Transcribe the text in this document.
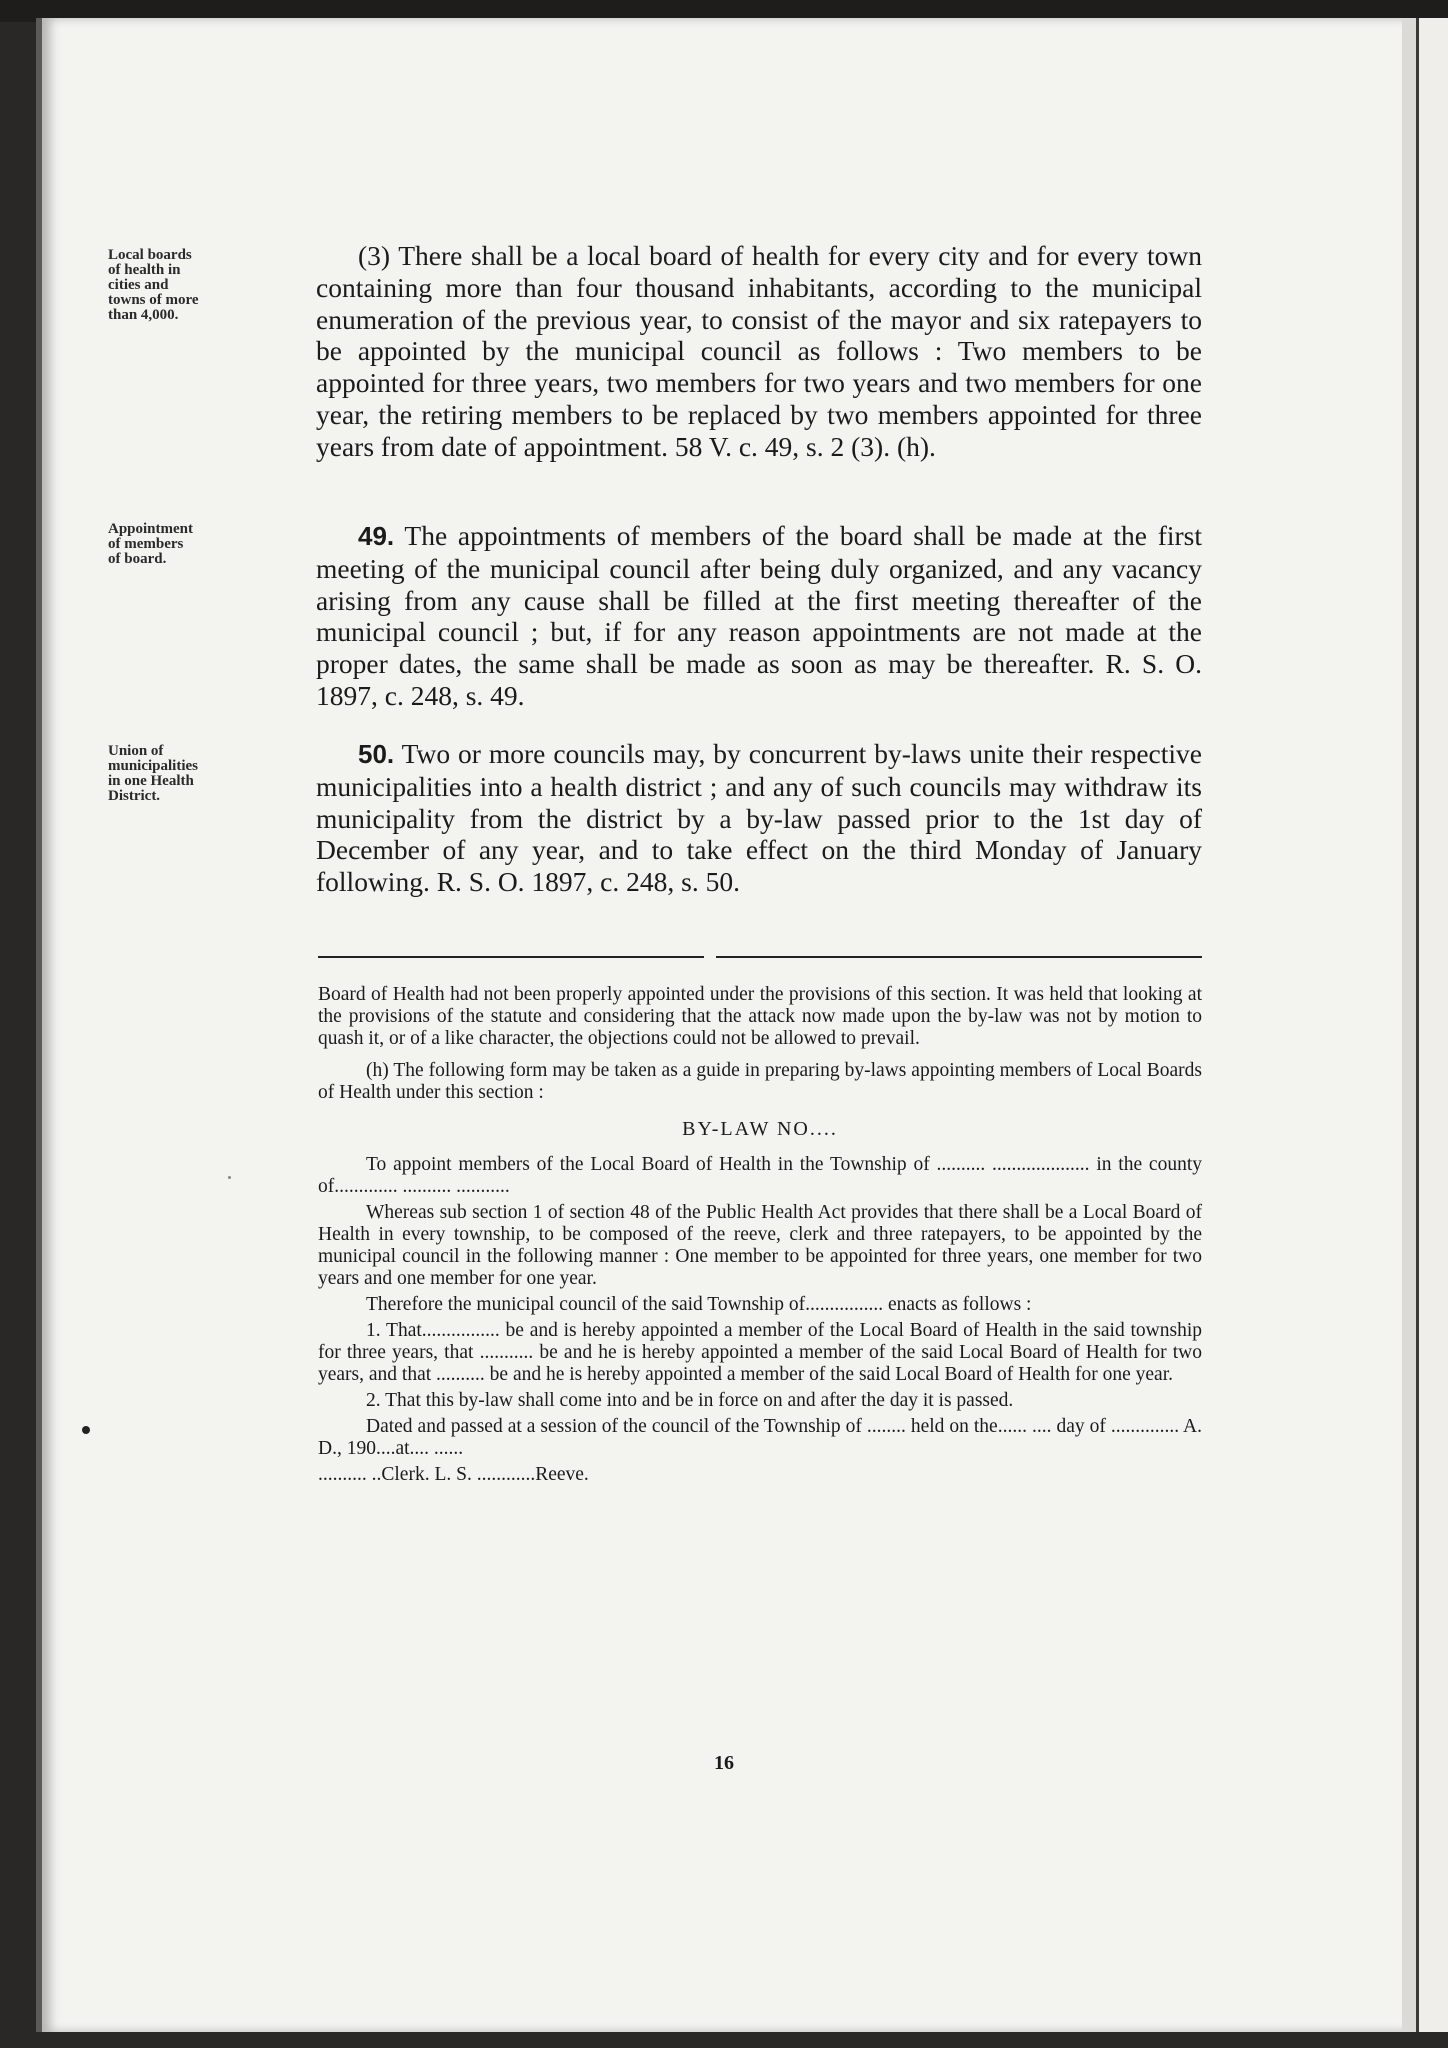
Local boards
of health in
cities and
towns of more
than 4,000.
Appointment
of members
of board.
Union of
municipalities
in one Health
District.
(3) There shall be a local board of health for every city and for every town containing more than four thousand inhabitants, according to the municipal enumeration of the previous year, to consist of the mayor and six ratepayers to be appointed by the municipal council as follows : Two members to be appointed for three years, two members for two years and two members for one year, the retiring members to be replaced by two members appointed for three years from date of appointment. 58 V. c. 49, s. 2 (3). (h).
49. The appointments of members of the board shall be made at the first meeting of the municipal council after being duly organized, and any vacancy arising from any cause shall be filled at the first meeting thereafter of the municipal council ; but, if for any reason appointments are not made at the proper dates, the same shall be made as soon as may be thereafter. R. S. O. 1897, c. 248, s. 49.
50. Two or more councils may, by concurrent by-laws unite their respective municipalities into a health district ; and any of such councils may withdraw its municipality from the district by a by-law passed prior to the 1st day of December of any year, and to take effect on the third Monday of January following. R. S. O. 1897, c. 248, s. 50.

Board of Health had not been properly appointed under the provisions of this section. It was held that looking at the provisions of the statute and considering that the attack now made upon the by-law was not by motion to quash it, or of a like character, the objections could not be allowed to prevail.

(h) The following form may be taken as a guide in preparing by-laws appointing members of Local Boards of Health under this section :

BY-LAW NO....

To appoint members of the Local Board of Health in the Township of .......... .................... in the county of............. .......... ...........

Whereas sub section 1 of section 48 of the Public Health Act provides that there shall be a Local Board of Health in every township, to be composed of the reeve, clerk and three ratepayers, to be appointed by the municipal council in the following manner : One member to be appointed for three years, one member for two years and one member for one year.

Therefore the municipal council of the said Township of................ enacts as follows :

1. That................ be and is hereby appointed a member of the Local Board of Health in the said township for three years, that ........... be and he is hereby appointed a member of the said Local Board of Health for two years, and that .......... be and he is hereby appointed a member of the said Local Board of Health for one year.

2. That this by-law shall come into and be in force on and after the day it is passed.

Dated and passed at a session of the council of the Township of ........ held on the...... .... day of .............. A. D., 190....at.... ......

.......... ..Clerk. L. S. ............Reeve.

16
